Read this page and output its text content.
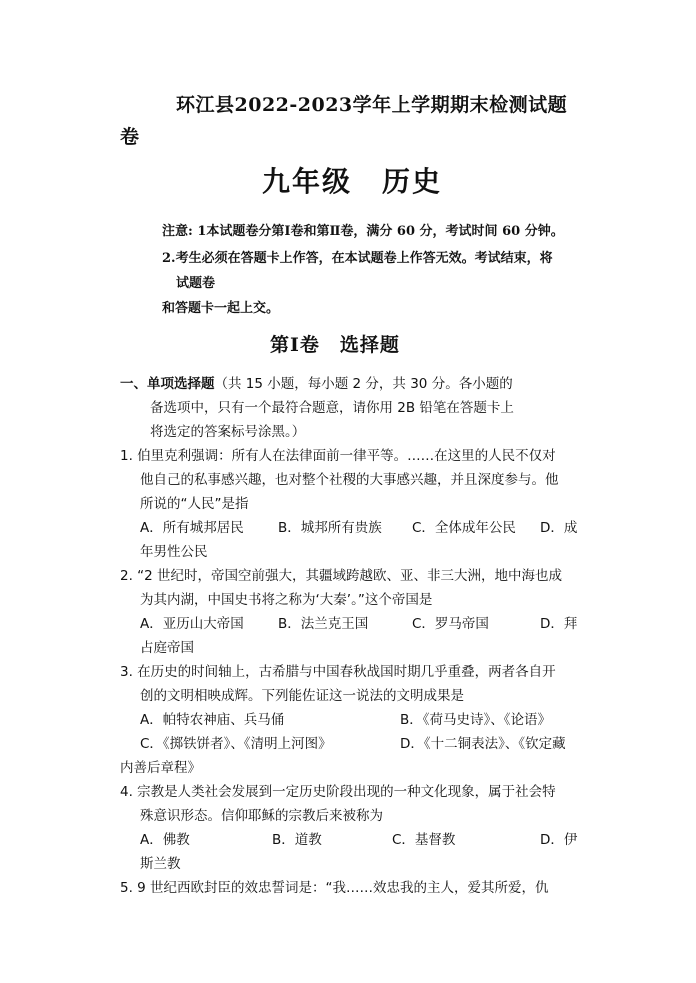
环江县2022-2023学年上学期期末检测试题
卷
九年级　历史
注意: 1本试题卷分第Ⅰ卷和第Ⅱ卷，满分 60 分，考试时间 60 分钟。
2.考生必须在答题卡上作答，在本试题卷上作答无效。考试结束，将
试题卷
和答题卡一起上交。
第Ⅰ卷　选择题
一、单项选择题（共 15 小题，每小题 2 分，共 30 分。各小题的
备选项中，只有一个最符合题意，请你用 2B 铅笔在答题卡上
将选定的答案标号涂黑。）
1. 伯里克利强调：所有人在法律面前一律平等。……在这里的人民不仅对
他自己的私事感兴趣，也对整个社稷的大事感兴趣，并且深度参与。他
所说的“人民”是指
A．所有城邦居民	B．城邦所有贵族 C．全体成年公民 D．成
年男性公民
2. “2 世纪时，帝国空前强大，其疆域跨越欧、亚、非三大洲，地中海也成
为其内湖，中国史书将之称为‘大秦’。”这个帝国是
A．亚历山大帝国	B．法兰克王国	C．罗马帝国	D．拜
占庭帝国
3. 在历史的时间轴上，古希腊与中国春秋战国时期几乎重叠，两者各自开
创的文明相映成辉。下列能佐证这一说法的文明成果是
A．帕特农神庙、兵马俑	B．《荷马史诗》、《论语》
C．《掷铁饼者》、《清明上河图》	D．《十二铜表法》、《钦定藏
内善后章程》
4. 宗教是人类社会发展到一定历史阶段出现的一种文化现象，属于社会特
殊意识形态。信仰耶稣的宗教后来被称为
A．佛教	B．道教	C．基督教	D．伊
斯兰教
5. 9 世纪西欧封臣的效忠誓词是：“我……效忠我的主人，爱其所爱，仇
